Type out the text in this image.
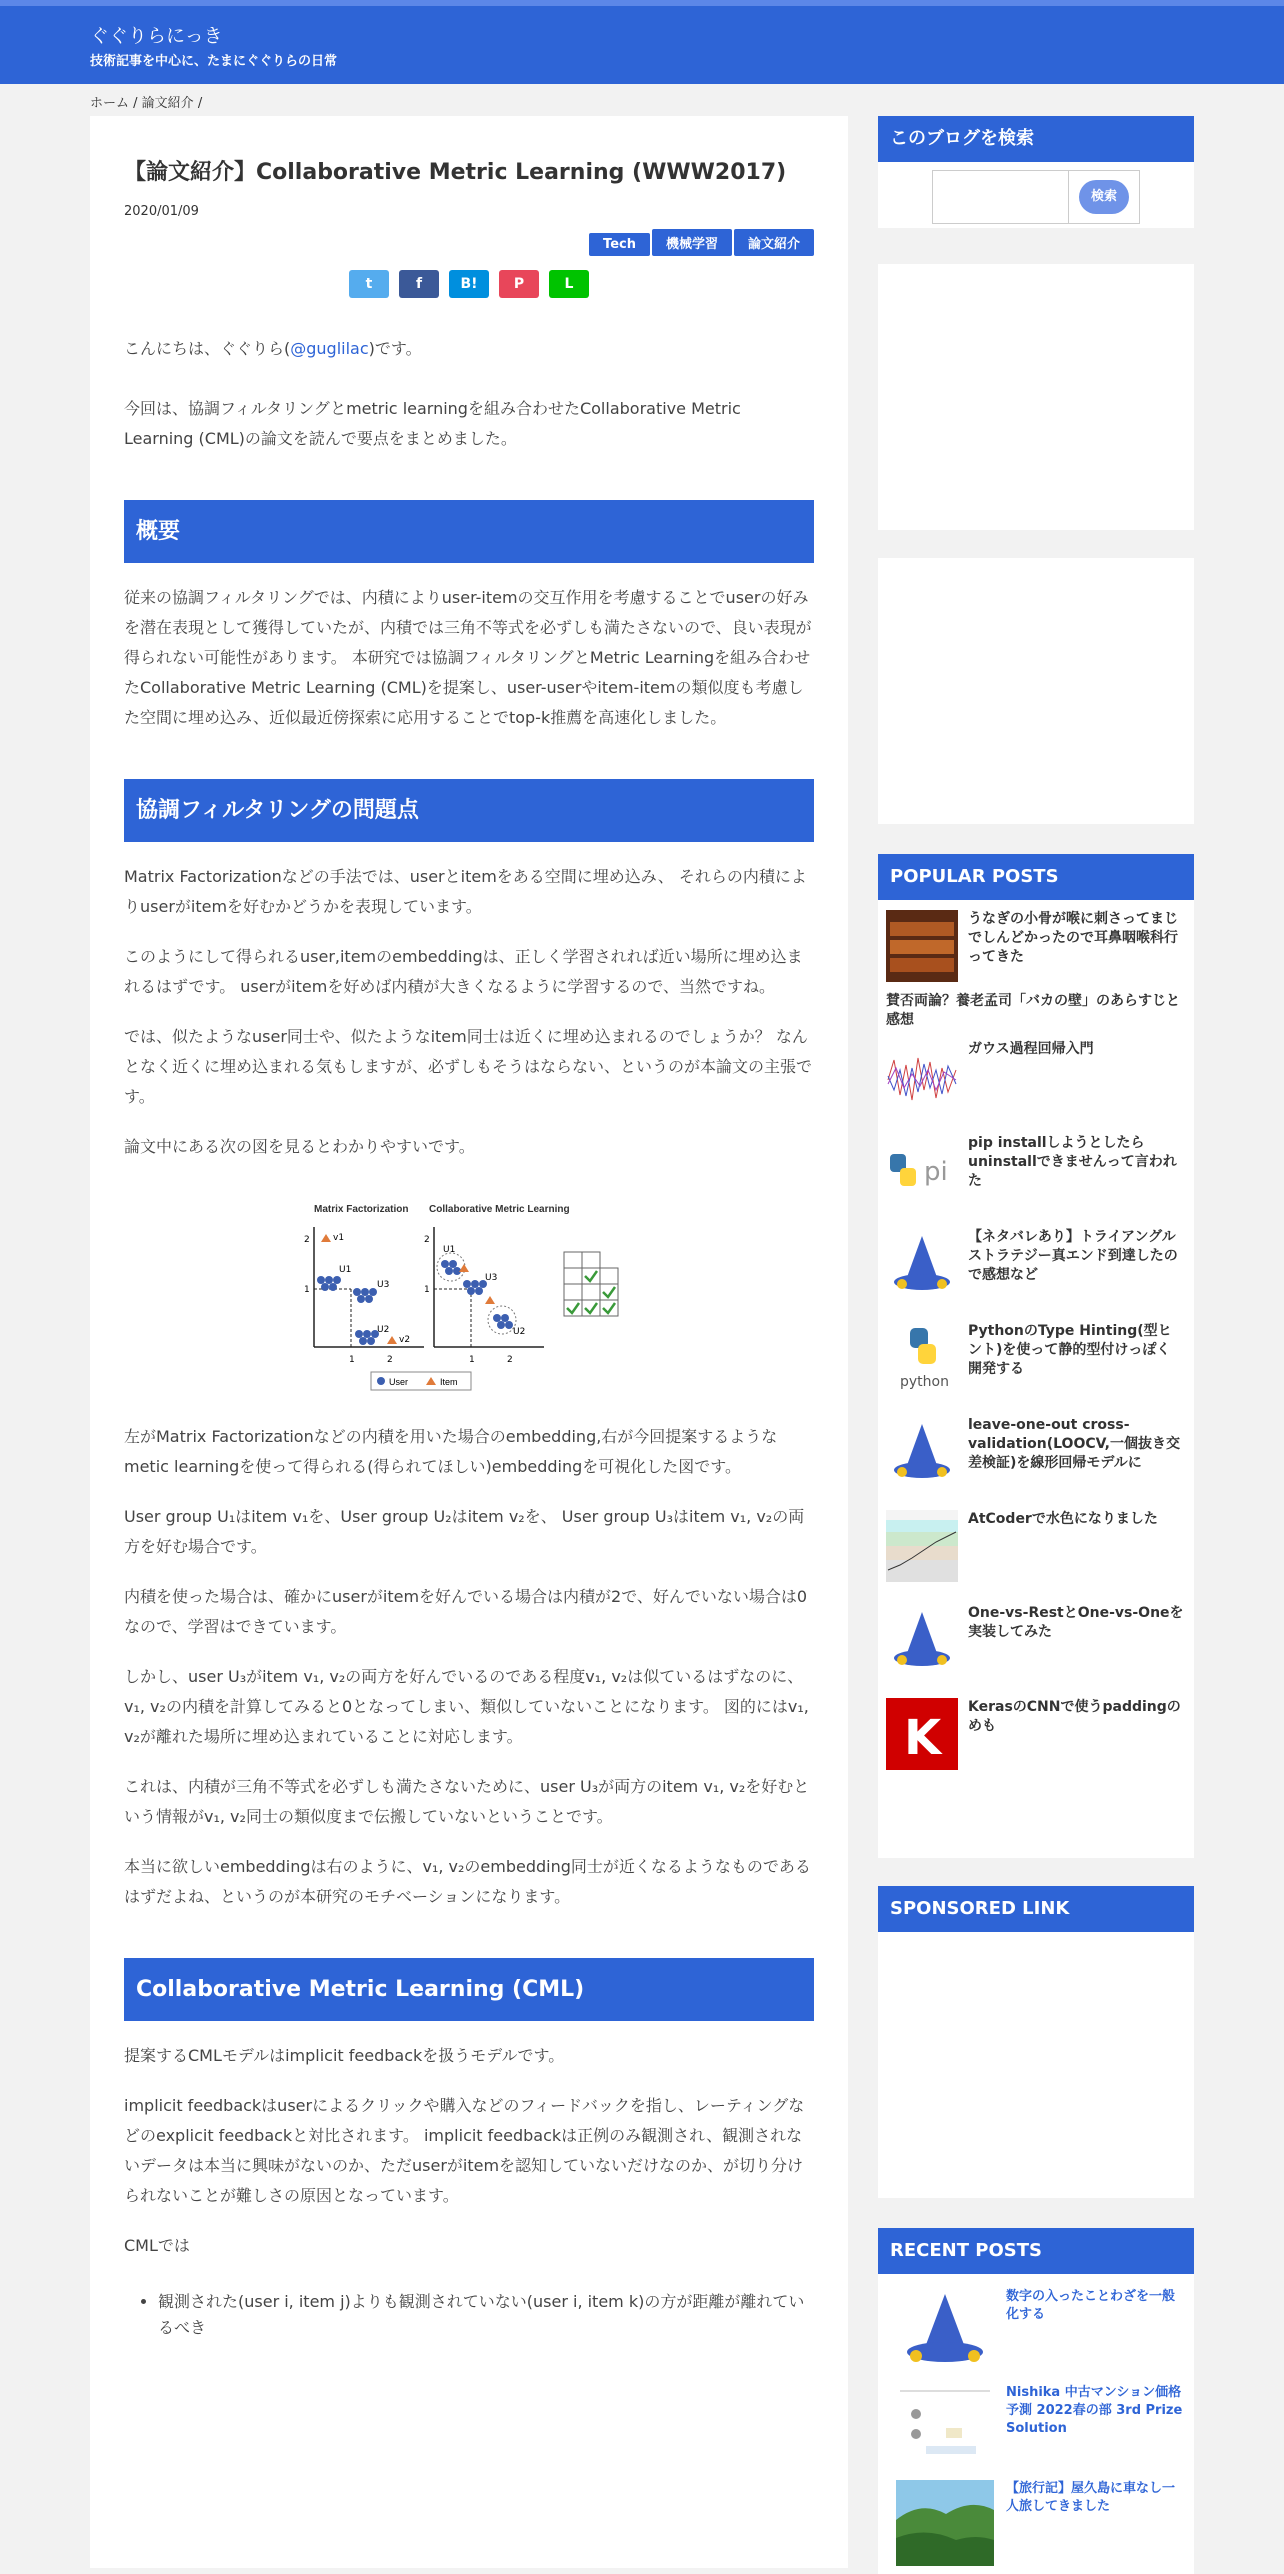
ぐぐりらにっき
技術記事を中心に、たまにぐぐりらの日常
ホーム / 論文紹介 /
【論文紹介】Collaborative Metric Learning (WWW2017)
2020/01/09
Tech 機械学習 論文紹介
t	f	B!	P	L

こんにちは、ぐぐりら(@guglilac)です。

今回は、協調フィルタリングとmetric learningを組み合わせたCollaborative Metric Learning (CML)の論文を読んで要点をまとめました。

概要

従来の協調フィルタリングでは、内積によりuser-itemの交互作用を考慮することでuserの好みを潜在表現として獲得していたが、内積では三角不等式を必ずしも満たさないので、良い表現が得られない可能性があります。 本研究では協調フィルタリングとMetric Learningを組み合わせたCollaborative Metric Learning (CML)を提案し、user-userやitem-itemの類似度も考慮した空間に埋め込み、近似最近傍探索に応用することでtop-k推薦を高速化しました。

協調フィルタリングの問題点

Matrix Factorizationなどの手法では、userとitemをある空間に埋め込み、 それらの内積によりuserがitemを好むかどうかを表現しています。

このようにして得られるuser,itemのembeddingは、正しく学習されれば近い場所に埋め込まれるはずです。 userがitemを好めば内積が大きくなるように学習するので、当然ですね。

では、似たようなuser同士や、似たようなitem同士は近くに埋め込まれるのでしょうか？ なんとなく近くに埋め込まれる気もしますが、必ずしもそうはならない、というのが本論文の主張です。

論文中にある次の図を見るとわかりやすいです。

Matrix Factorization Collaborative Metric Learning
2
1
1	2
v1
U1
U3
U2
v2
2
1
1	2
U1
U3
U2
User	Item

左がMatrix Factorizationなどの内積を用いた場合のembedding,右が今回提案するようなmetic learningを使って得られる(得られてほしい)embeddingを可視化した図です。

User group U₁はitem v₁を、User group U₂はitem v₂を、 User group U₃はitem v₁, v₂の両方を好む場合です。

内積を使った場合は、確かにuserがitemを好んでいる場合は内積が2で、好んでいない場合は0なので、学習はできています。

しかし、user U₃がitem v₁, v₂の両方を好んでいるのである程度v₁, v₂は似ているはずなのに、v₁, v₂の内積を計算してみると0となってしまい、類似していないことになります。 図的にはv₁, v₂が離れた場所に埋め込まれていることに対応します。

これは、内積が三角不等式を必ずしも満たさないために、user U₃が両方のitem v₁, v₂を好むという情報がv₁, v₂同士の類似度まで伝搬していないということです。

本当に欲しいembeddingは右のように、v₁, v₂のembedding同士が近くなるようなものであるはずだよね、というのが本研究のモチベーションになります。

Collaborative Metric Learning (CML)

提案するCMLモデルはimplicit feedbackを扱うモデルです。

implicit feedbackはuserによるクリックや購入などのフィードバックを指し、レーティングなどのexplicit feedbackと対比されます。 implicit feedbackは正例のみ観測され、観測されないデータは本当に興味がないのか、ただuserがitemを認知していないだけなのか、が切り分けられないことが難しさの原因となっています。

CMLでは

• 観測された(user i, item j)よりも観測されていない(user i, item k)の方が距離が離れているべき
このブログを検索
検索
POPULAR POSTS
うなぎの小骨が喉に刺さってまじでしんどかったので耳鼻咽喉科行ってきた
賛否両論？養老孟司「バカの壁」のあらすじと感想
ガウス過程回帰入門
pi
pip installしようとしたらuninstallできませんって言われた
【ネタバレあり】トライアングルストラテジー真エンド到達したので感想など
python
PythonのType Hinting(型ヒント)を使って静的型付けっぽく開発する
leave-one-out cross-validation(LOOCV,一個抜き交差検証)を線形回帰モデルに
AtCoderで水色になりました
One-vs-RestとOne-vs-Oneを実装してみた
K
KerasのCNNで使うpaddingのめも
SPONSORED LINK
RECENT POSTS
数字の入ったことわざを一般化する
Nishika 中古マンション価格予測 2022春の部 3rd Prize Solution
【旅行記】屋久島に車なし一人旅してきました
